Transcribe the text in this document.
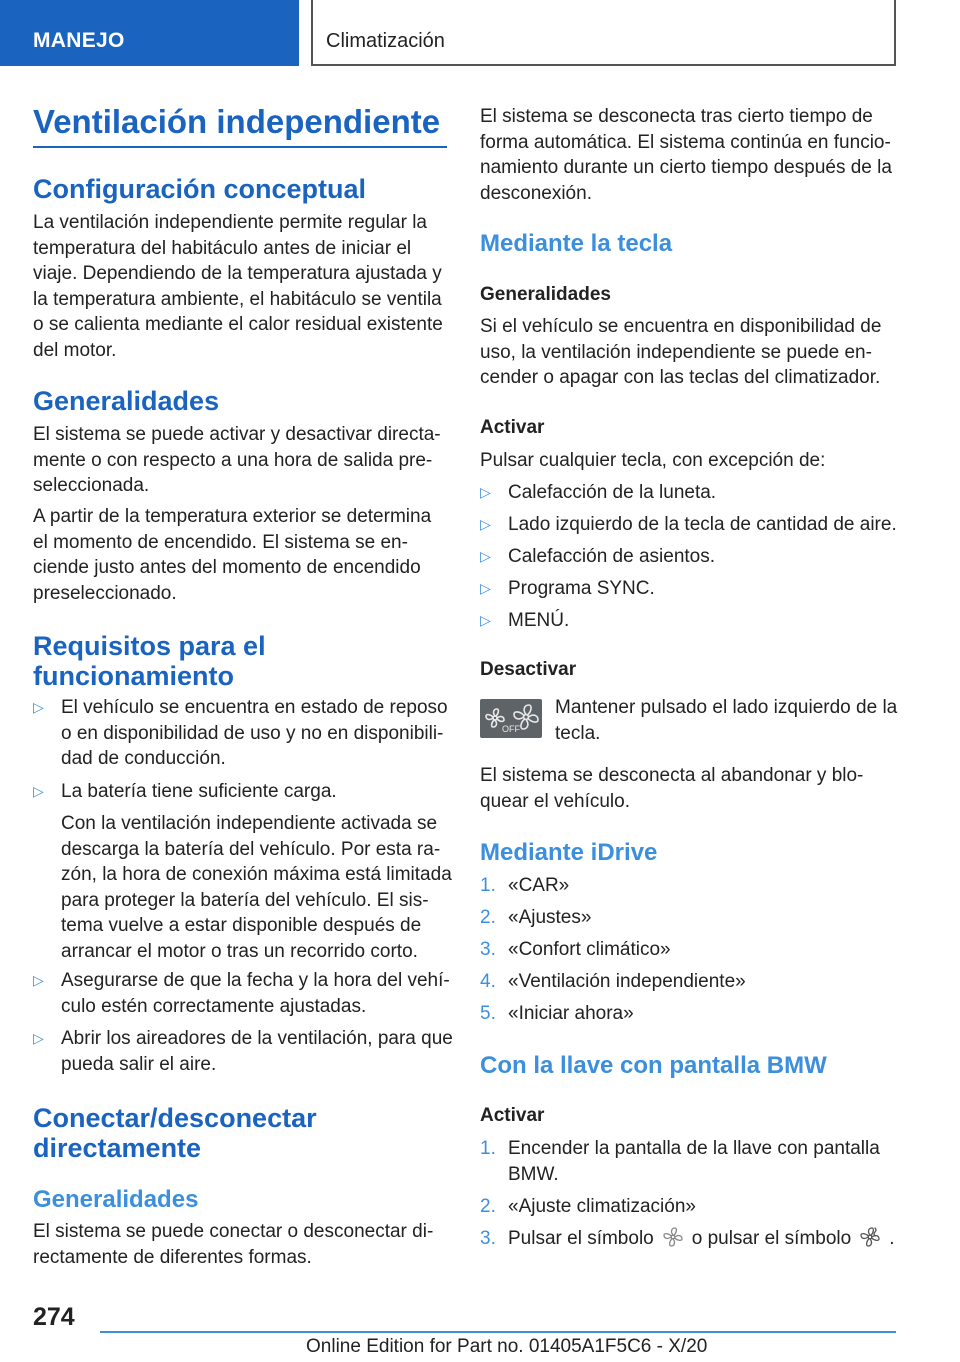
MANEJO	Climatización
Ventilación independiente
Configuración conceptual
La ventilación independiente permite regular la
temperatura del habitáculo antes de iniciar el
viaje. Dependiendo de la temperatura ajustada y
la temperatura ambiente, el habitáculo se ventila
o se calienta mediante el calor residual existente
del motor.
Generalidades
El sistema se puede activar y desactivar directa‐
mente o con respecto a una hora de salida pre‐
seleccionada.
A partir de la temperatura exterior se determina
el momento de encendido. El sistema se en‐
ciende justo antes del momento de encendido
preseleccionado.
Requisitos para el
funcionamiento
▷ El vehículo se encuentra en estado de reposo
o en disponibilidad de uso y no en disponibili‐
dad de conducción.
▷ La batería tiene suficiente carga.
Con la ventilación independiente activada se
descarga la batería del vehículo. Por esta ra‐
zón, la hora de conexión máxima está limitada
para proteger la batería del vehículo. El sis‐
tema vuelve a estar disponible después de
arrancar el motor o tras un recorrido corto.
▷ Asegurarse de que la fecha y la hora del vehí‐
culo estén correctamente ajustadas.
▷ Abrir los aireadores de la ventilación, para que
pueda salir el aire.
Conectar/desconectar
directamente
Generalidades
El sistema se puede conectar o desconectar di‐
rectamente de diferentes formas.
El sistema se desconecta tras cierto tiempo de
forma automática. El sistema continúa en funcio‐
namiento durante un cierto tiempo después de la
desconexión.
Mediante la tecla
Generalidades
Si el vehículo se encuentra en disponibilidad de
uso, la ventilación independiente se puede en‐
cender o apagar con las teclas del climatizador.
Activar
Pulsar cualquier tecla, con excepción de:
▷ Calefacción de la luneta.
▷ Lado izquierdo de la tecla de cantidad de aire.
▷ Calefacción de asientos.
▷ Programa SYNC.
▷ MENÚ.
Desactivar
OFF
Mantener pulsado el lado izquierdo de la
tecla.
El sistema se desconecta al abandonar y blo‐
quear el vehículo.
Mediante iDrive
1. «CAR»
2. «Ajustes»
3. «Confort climático»
4. «Ventilación independiente»
5. «Iniciar ahora»
Con la llave con pantalla BMW
Activar
1. Encender la pantalla de la llave con pantalla
BMW.
2. «Ajuste climatización»
3. Pulsar el símbolo o pulsar el símbolo .
274
Online Edition for Part no. 01405A1F5C6 - X/20
